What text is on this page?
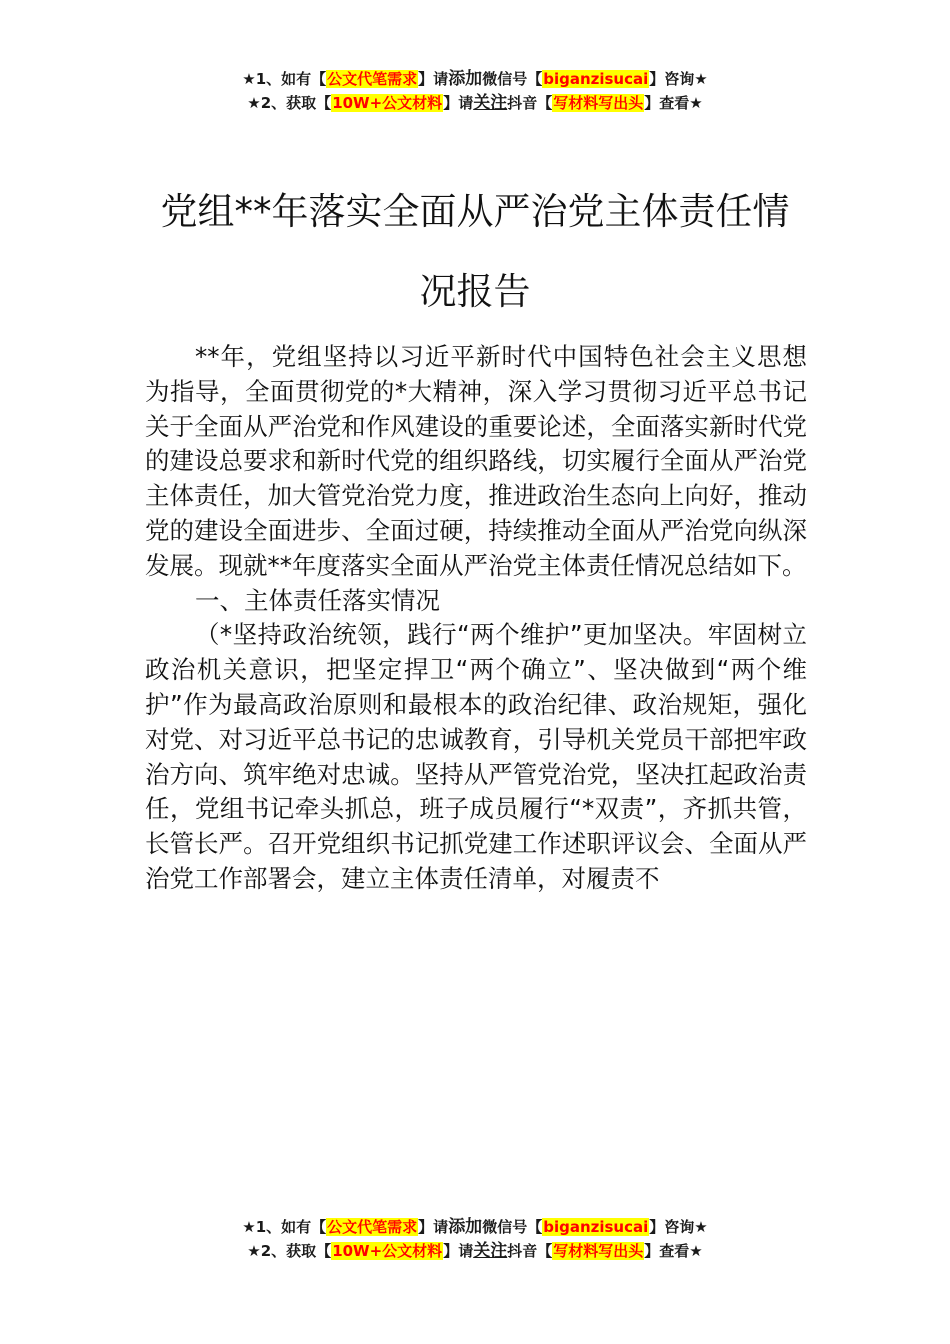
★1、如有【公文代笔需求】请添加微信号【biganzisucai】咨询★
★2、获取【10W+公文材料】请关注抖音【写材料写出头】查看★
党组**年落实全面从严治党主体责任情况报告

**年，党组坚持以习近平新时代中国特色社会主义思想为指导，全面贯彻党的*大精神，深入学习贯彻习近平总书记关于全面从严治党和作风建设的重要论述，全面落实新时代党的建设总要求和新时代党的组织路线，切实履行全面从严治党主体责任，加大管党治党力度，推进政治生态向上向好，推动党的建设全面进步、全面过硬，持续推动全面从严治党向纵深发展。现就**年度落实全面从严治党主体责任情况总结如下。

一、主体责任落实情况

（*坚持政治统领，践行“两个维护”更加坚决。牢固树立政治机关意识，把坚定捍卫“两个确立”、坚决做到“两个维护”作为最高政治原则和最根本的政治纪律、政治规矩，强化对党、对习近平总书记的忠诚教育，引导机关党员干部把牢政治方向、筑牢绝对忠诚。坚持从严管党治党，坚决扛起政治责任，党组书记牵头抓总，班子成员履行“*双责”，齐抓共管，长管长严。召开党组织书记抓党建工作述职评议会、全面从严治党工作部署会，建立主体责任清单，对履责不

★1、如有【公文代笔需求】请添加微信号【biganzisucai】咨询★
★2、获取【10W+公文材料】请关注抖音【写材料写出头】查看★
